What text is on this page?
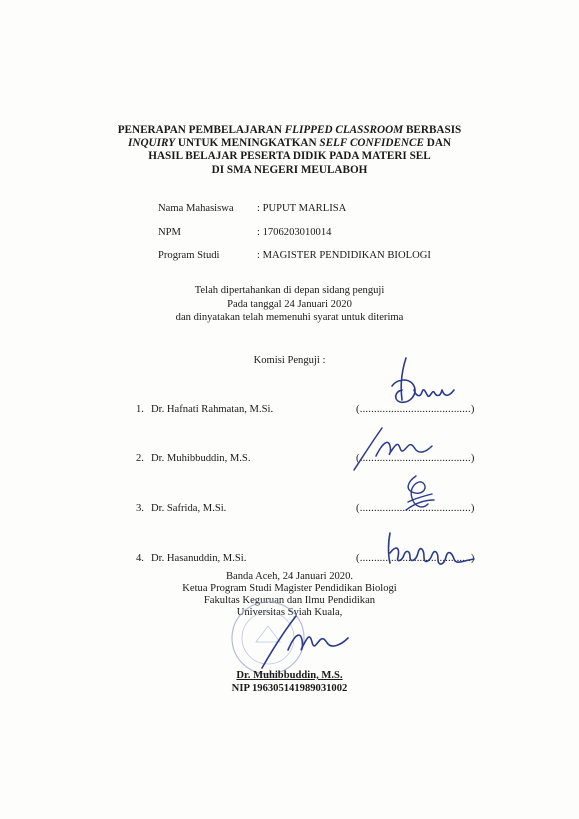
PENERAPAN PEMBELAJARAN FLIPPED CLASSROOM BERBASIS
INQUIRY UNTUK MENINGKATKAN SELF CONFIDENCE DAN
HASIL BELAJAR PESERTA DIDIK PADA MATERI SEL
DI SMA NEGERI MEULABOH
Nama Mahasiswa : PUPUT MARLISA
NPM	: 1706203010014
Program Studi	: MAGISTER PENDIDIKAN BIOLOGI
Telah dipertahankan di depan sidang penguji
Pada tanggal 24 Januari 2020
dan dinyatakan telah memenuhi syarat untuk diterima
Komisi Penguji :
1. Dr. Hafnati Rahmatan, M.Si.	(.......................................)
2. Dr. Muhibbuddin, M.S.	(.......................................)
3. Dr. Safrida, M.Si.	(.......................................)
4. Dr. Hasanuddin, M.Si.	(.......................................)
Banda Aceh, 24 Januari 2020.
Ketua Program Studi Magister Pendidikan Biologi
Fakultas Keguruan dan Ilmu Pendidikan
Universitas Syiah Kuala,
Dr. Muhibbuddin, M.S.
NIP 196305141989031002
